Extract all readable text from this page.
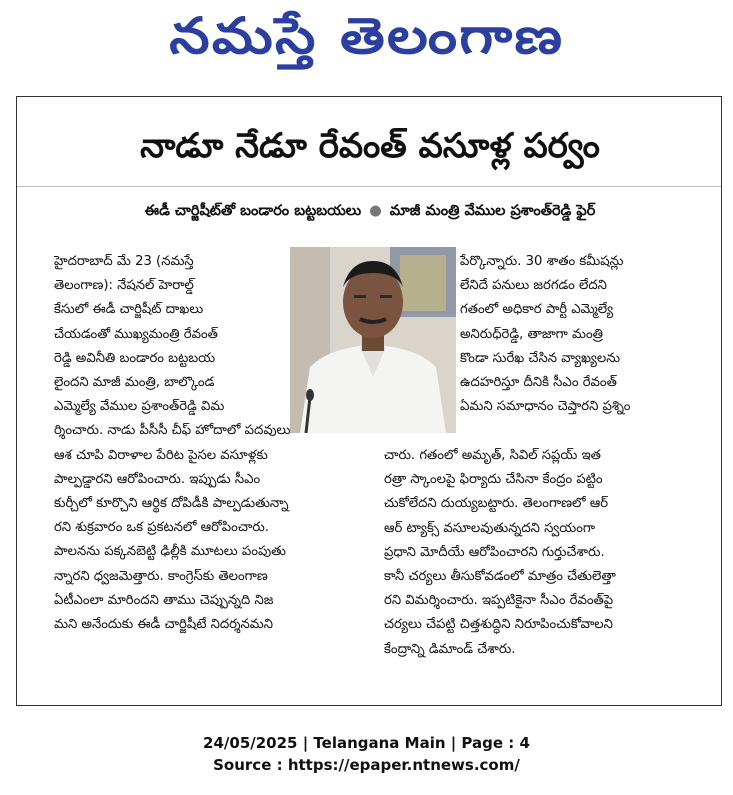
నమస్తే తెలంగాణ
నాడూ నేడూ రేవంత్ వసూళ్ల పర్వం
ఈడీ చార్జిషీట్‌తో బండారం బట్టబయలు ● మాజీ మంత్రి వేముల ప్రశాంత్‌రెడ్డి ఫైర్
హైదరాబాద్ మే 23 (నమస్తే
తెలంగాణ): నేషనల్ హెరాల్డ్
కేసులో ఈడీ చార్జిషీట్ దాఖలు
చేయడంతో ముఖ్యమంత్రి రేవంత్
రెడ్డి అవినీతి బండారం బట్టబయ
లైందని మాజీ మంత్రి, బాల్కొండ
ఎమ్మెల్యే వేముల ప్రశాంత్‌రెడ్డి విమ
ర్శించారు. నాడు పీసీసీ చీఫ్ హోదాలో పదవులు
ఆశ చూపి విరాళాల పేరిట పైసల వసూళ్లకు
పాల్పడ్డారని ఆరోపించారు. ఇప్పుడు సీఎం
కుర్చీలో కూర్చొని ఆర్థిక దోపిడీకి పాల్పడుతున్నా
రని శుక్రవారం ఒక ప్రకటనలో ఆరోపించారు.
పాలనను పక్కనబెట్టి ఢిల్లీకి మూటలు పంపుతు
న్నారని ధ్వజమెత్తారు. కాంగ్రెస్‌కు తెలంగాణ
ఏటీఎంలా మారిందని తాము చెప్పున్నది నిజ
మని అనేందుకు ఈడీ చార్జిషీటే నిదర్శనమని
పేర్కొన్నారు. 30 శాతం కమీషన్లు
లేనిదే పనులు జరగడం లేదని
గతంలో అధికార పార్టీ ఎమ్మెల్యే
అనిరుధ్‌రెడ్డి, తాజాగా మంత్రి
కొండా సురేఖ చేసిన వ్యాఖ్యలను
ఉదహరిస్తూ దీనికి సీఎం రేవంత్
ఏమని సమాధానం చెప్తారని ప్రశ్నిం
చారు. గతంలో అమృత్, సివిల్ సప్లయ్ ఇత
రత్రా స్కాంలపై ఫిర్యాదు చేసినా కేంద్రం పట్టిం
చుకోలేదని దుయ్యబట్టారు. తెలంగాణలో ఆర్
ఆర్ ట్యాక్స్ వసూలవుతున్నదని స్వయంగా
ప్రధాని మోదీయే ఆరోపించారని గుర్తుచేశారు.
కానీ చర్యలు తీసుకోవడంలో మాత్రం చేతులెత్తా
రని విమర్శించారు. ఇప్పటికైనా సీఎం రేవంత్‌పై
చర్యలు చేపట్టి చిత్తశుద్ధిని నిరూపించుకోవాలని
కేంద్రాన్ని డిమాండ్ చేశారు.
24/05/2025 | Telangana Main | Page : 4
Source : https://epaper.ntnews.com/
